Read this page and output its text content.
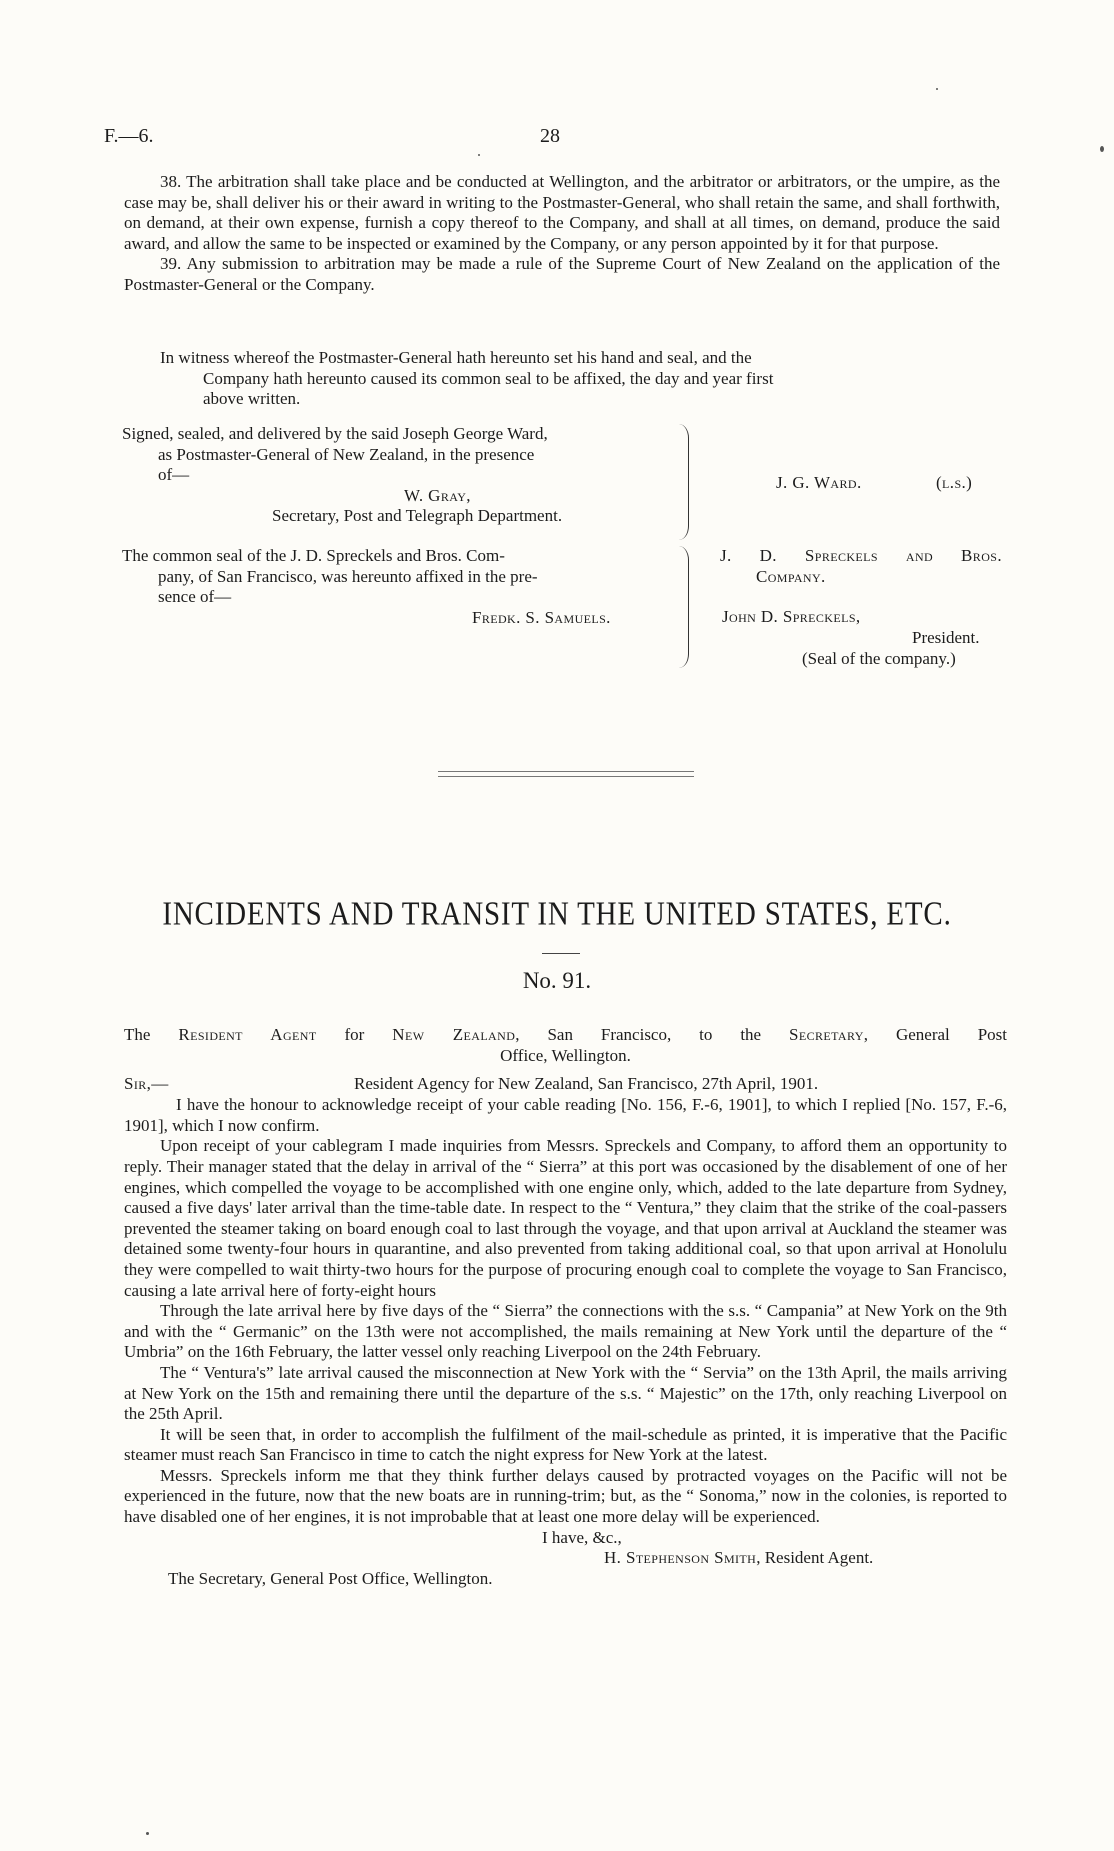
F.—6.	28

38. The arbitration shall take place and be conducted at Wellington, and the arbitrator or arbitrators, or the umpire, as the case may be, shall deliver his or their award in writing to the Postmaster-General, who shall retain the same, and shall forthwith, on demand, at their own expense, furnish a copy thereof to the Company, and shall at all times, on demand, produce the said award, and allow the same to be inspected or examined by the Company, or any person appointed by it for that purpose.

39. Any submission to arbitration may be made a rule of the Supreme Court of New Zealand on the application of the Postmaster-General or the Company.

In witness whereof the Postmaster-General hath hereunto set his hand and seal, and the
Company hath hereunto caused its common seal to be affixed, the day and year first
above written.
Signed, sealed, and delivered by the said Joseph George Ward,
as Postmaster-General of New Zealand, in the presence
of—
W. Gray,
Secretary, Post and Telegraph Department.
J. G. Ward.	(l.s.)
The common seal of the J. D. Spreckels and Bros. Com-
pany, of San Francisco, was hereunto affixed in the pre-
sence of—
Fredk. S. Samuels.
J. D. Spreckels and Bros.
Company.
John D. Spreckels,
President.
(Seal of the company.)
INCIDENTS AND TRANSIT IN THE UNITED STATES, ETC.
No. 91.
The Resident Agent for New Zealand, San Francisco, to the Secretary, General Post
Office, Wellington.
Sir,—	Resident Agency for New Zealand, San Francisco, 27th April, 1901.

I have the honour to acknowledge receipt of your cable reading [No. 156, F.-6, 1901], to which I replied [No. 157, F.-6, 1901], which I now confirm.

Upon receipt of your cablegram I made inquiries from Messrs. Spreckels and Company, to afford them an opportunity to reply. Their manager stated that the delay in arrival of the “ Sierra” at this port was occasioned by the disablement of one of her engines, which compelled the voyage to be accomplished with one engine only, which, added to the late departure from Sydney, caused a five days' later arrival than the time-table date. In respect to the “ Ventura,” they claim that the strike of the coal-passers prevented the steamer taking on board enough coal to last through the voyage, and that upon arrival at Auckland the steamer was detained some twenty-four hours in quarantine, and also prevented from taking additional coal, so that upon arrival at Honolulu they were compelled to wait thirty-two hours for the purpose of procuring enough coal to complete the voyage to San Francisco, causing a late arrival here of forty-eight hours

Through the late arrival here by five days of the “ Sierra” the connections with the s.s. “ Campania” at New York on the 9th and with the “ Germanic” on the 13th were not accomplished, the mails remaining at New York until the departure of the “ Umbria” on the 16th February, the latter vessel only reaching Liverpool on the 24th February.

The “ Ventura's” late arrival caused the misconnection at New York with the “ Servia” on the 13th April, the mails arriving at New York on the 15th and remaining there until the departure of the s.s. “ Majestic” on the 17th, only reaching Liverpool on the 25th April.

It will be seen that, in order to accomplish the fulfilment of the mail-schedule as printed, it is imperative that the Pacific steamer must reach San Francisco in time to catch the night express for New York at the latest.

Messrs. Spreckels inform me that they think further delays caused by protracted voyages on the Pacific will not be experienced in the future, now that the new boats are in running-trim; but, as the “ Sonoma,” now in the colonies, is reported to have disabled one of her engines, it is not improbable that at least one more delay will be experienced.

I have, &c.,
H. Stephenson Smith, Resident Agent.
The Secretary, General Post Office, Wellington.
